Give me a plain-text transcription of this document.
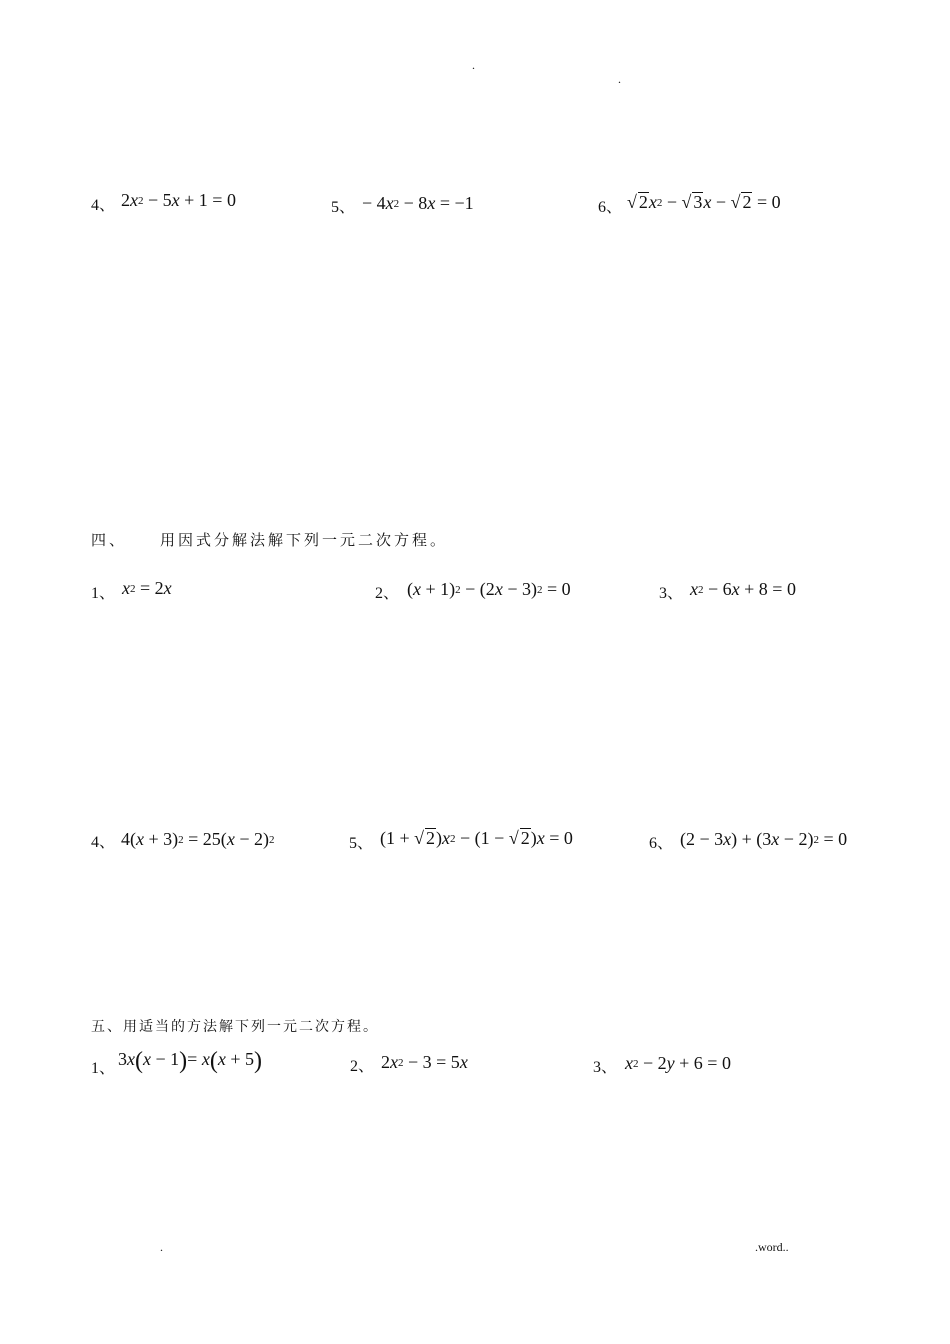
.
.
4、 2x2 − 5x + 1 = 0	5、 − 4x2 − 8x = −1	6、 √ 2x2 − √ 3x − √ 2 = 0
四、 用因式分解法解下列一元二次方程。
1、 x2 = 2x	2、 (x + 1)2 − (2x − 3)2 = 0	3、 x2 − 6x + 8 = 0
4、 4(x + 3)2 = 25(x − 2)2	5、 (1 + √ 2)x2 − (1 − √ 2)x = 0	6、 (2 − 3x) + (3x − 2)2 = 0
五、用适当的方法解下列一元二次方程。
1、 3x(x − 1)= x(x + 5)	2、 2x2 − 3 = 5x	3、 x2 − 2y + 6 = 0
.	.word..
